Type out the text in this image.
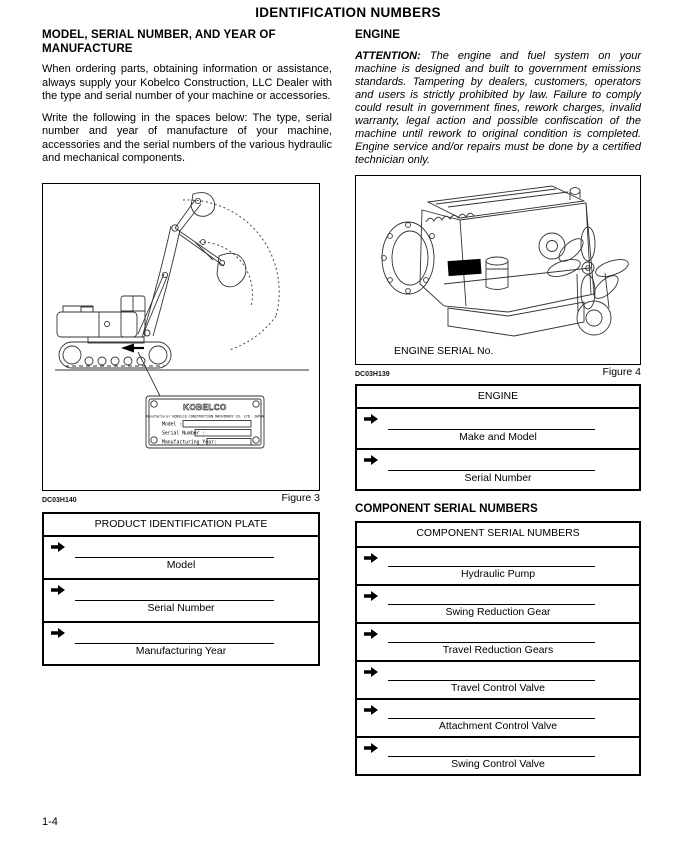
IDENTIFICATION NUMBERS
MODEL, SERIAL NUMBER, AND YEAR OF MANUFACTURE

When ordering parts, obtaining information or assistance, always supply your Kobelco Construction, LLC Dealer with the type and serial number of your machine or accessories.

Write the following in the spaces below: The type, serial number and year of manufacture of your machine, accessories and the serial numbers of the various hydraulic and mechanical components.

KOBELCO
Manufacturer KOBELCO CONSTRUCTION MACHINERY CO. LTD. JAPAN
Model :
Serial Number :
Manufacturing Year:
DC03H140	Figure 3
PRODUCT IDENTIFICATION PLATE
Model
Serial Number
Manufacturing Year
ENGINE

ATTENTION: The engine and fuel system on your machine is designed and built to government emissions standards. Tampering by dealers, customers, operators and users is strictly prohibited by law. Failure to comply could result in government fines, rework charges, invalid warranty, legal action and possible confiscation of the machine until rework to original condition is completed. Engine service and/or repairs must be done by a certified technician only.

ENGINE SERIAL No.
DC03H139	Figure 4
ENGINE
Make and Model
Serial Number
COMPONENT SERIAL NUMBERS
COMPONENT SERIAL NUMBERS
Hydraulic Pump
Swing Reduction Gear
Travel Reduction Gears
Travel Control Valve
Attachment Control Valve
Swing Control Valve
1-4
